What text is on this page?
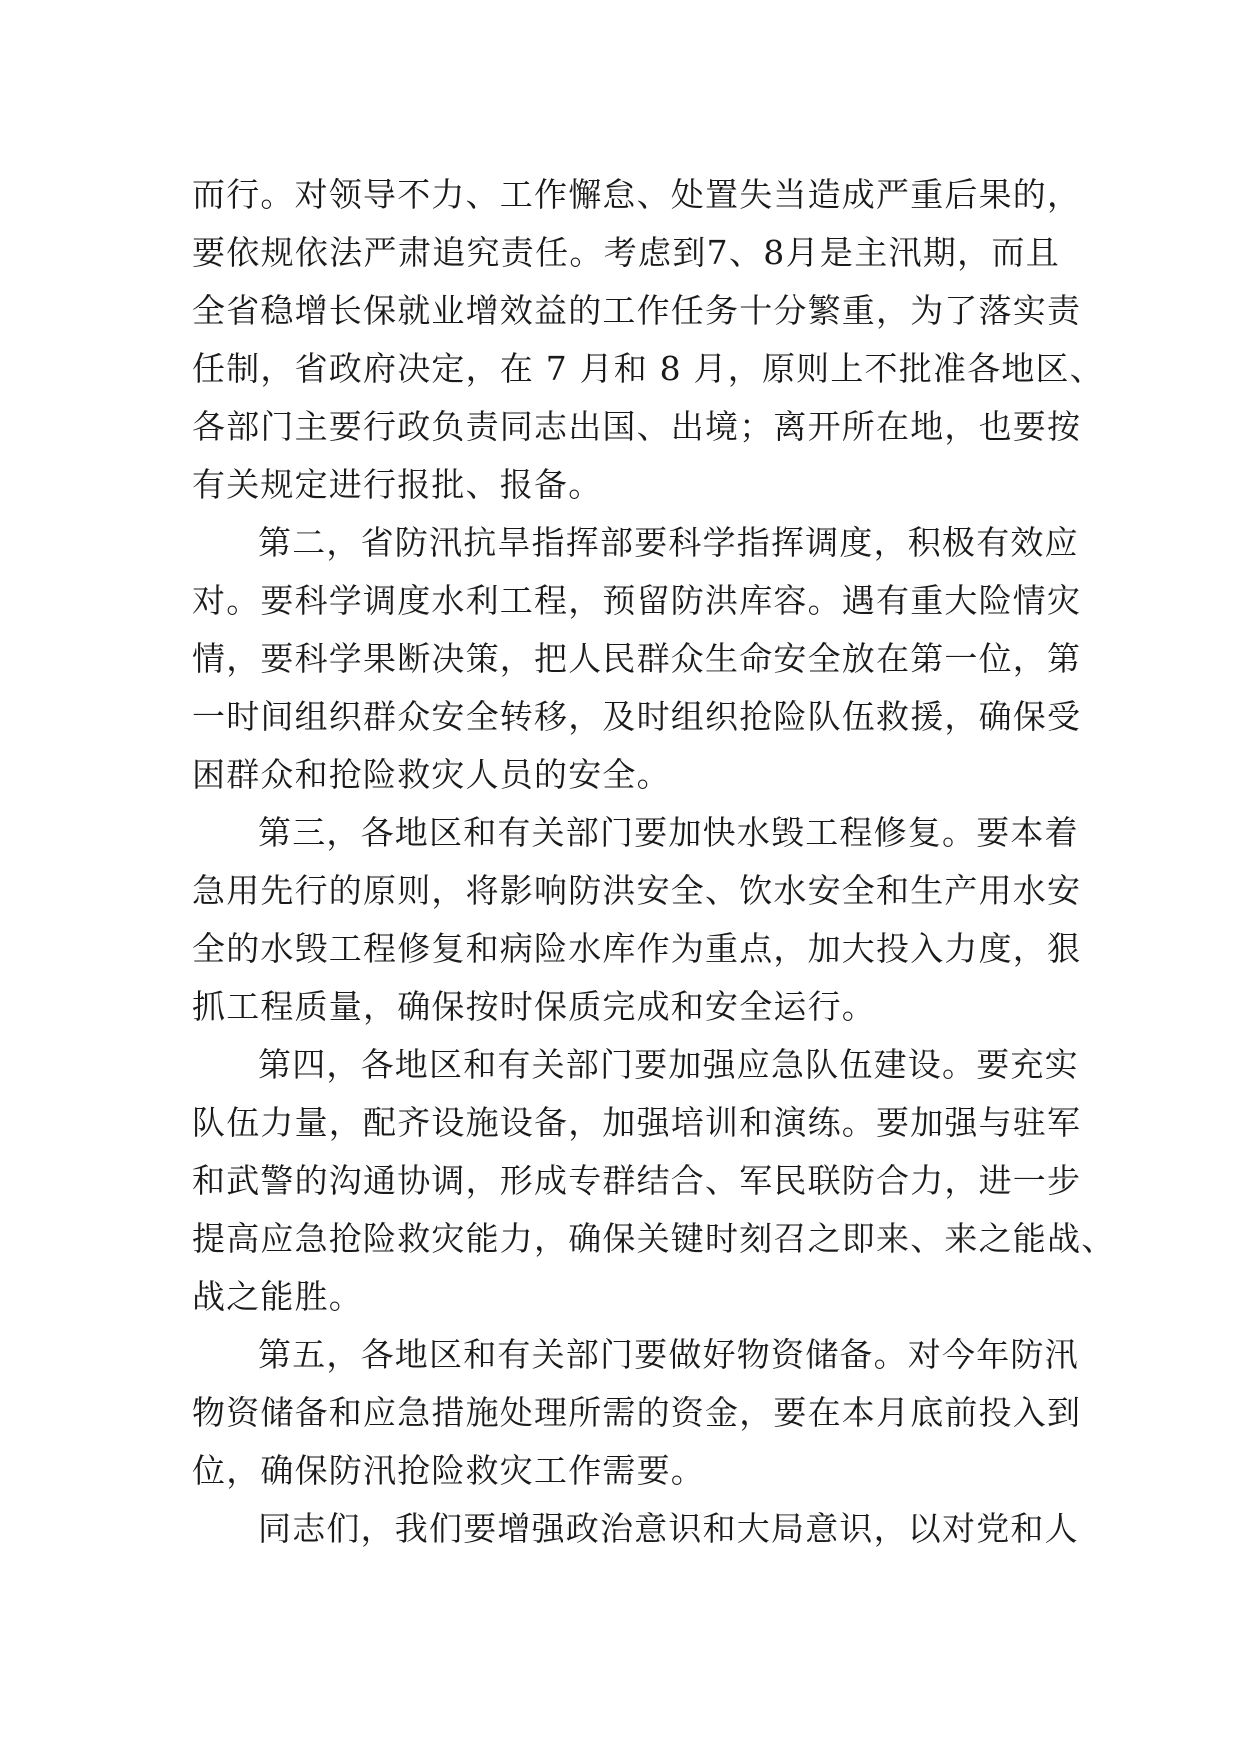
而行。对领导不力、工作懈怠、处置失当造成严重后果的，
要依规依法严肃追究责任。考虑到7、8月是主汛期，而且
全省稳增长保就业增效益的工作任务十分繁重，为了落实责
任制，省政府决定，在 7 月和 8 月，原则上不批准各地区、
各部门主要行政负责同志出国、出境；离开所在地，也要按
有关规定进行报批、报备。
第二，省防汛抗旱指挥部要科学指挥调度，积极有效应
对。要科学调度水利工程，预留防洪库容。遇有重大险情灾
情，要科学果断决策，把人民群众生命安全放在第一位，第
一时间组织群众安全转移，及时组织抢险队伍救援，确保受
困群众和抢险救灾人员的安全。
第三，各地区和有关部门要加快水毁工程修复。要本着
急用先行的原则，将影响防洪安全、饮水安全和生产用水安
全的水毁工程修复和病险水库作为重点，加大投入力度，狠
抓工程质量，确保按时保质完成和安全运行。
第四，各地区和有关部门要加强应急队伍建设。要充实
队伍力量，配齐设施设备，加强培训和演练。要加强与驻军
和武警的沟通协调，形成专群结合、军民联防合力，进一步
提高应急抢险救灾能力，确保关键时刻召之即来、来之能战、
战之能胜。
第五，各地区和有关部门要做好物资储备。对今年防汛
物资储备和应急措施处理所需的资金，要在本月底前投入到
位，确保防汛抢险救灾工作需要。
同志们，我们要增强政治意识和大局意识，以对党和人
